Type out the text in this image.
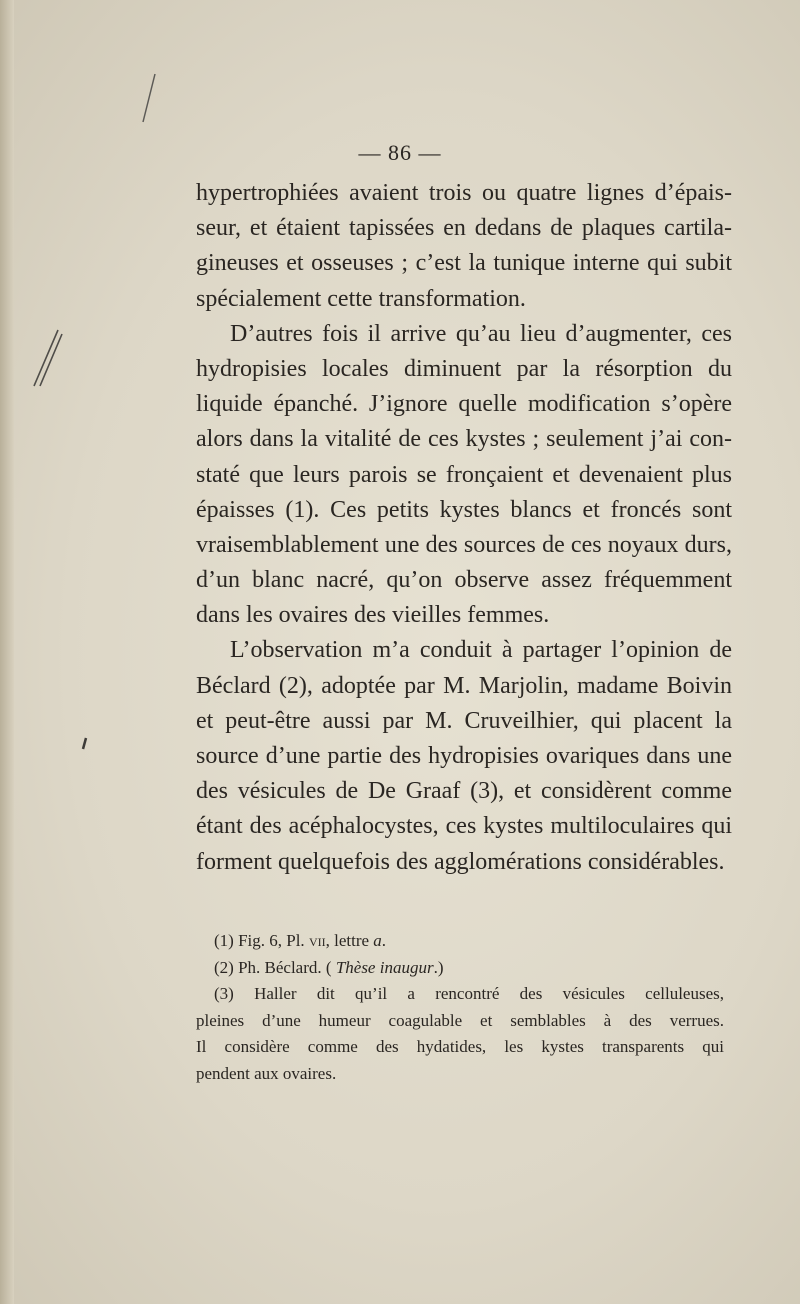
— 86 —
hypertrophiées avaient trois ou quatre lignes d’épais-
seur, et étaient tapissées en dedans de plaques cartila-
gineuses et osseuses ; c’est la tunique interne qui subit
spécialement cette transformation.
D’autres fois il arrive qu’au lieu d’augmenter, ces
hydropisies locales diminuent par la résorption du
liquide épanché. J’ignore quelle modification s’opère
alors dans la vitalité de ces kystes ; seulement j’ai con-
staté que leurs parois se fronçaient et devenaient plus
épaisses (1). Ces petits kystes blancs et froncés sont
vraisemblablement une des sources de ces noyaux durs,
d’un blanc nacré, qu’on observe assez fréquemment
dans les ovaires des vieilles femmes.
L’observation m’a conduit à partager l’opinion de
Béclard (2), adoptée par M. Marjolin, madame Boivin
et peut-être aussi par M. Cruveilhier, qui placent la
source d’une partie des hydropisies ovariques dans une
des vésicules de De Graaf (3), et considèrent comme
étant des acéphalocystes, ces kystes multiloculaires qui
forment quelquefois des agglomérations considérables.
(1) Fig. 6, Pl. vii, lettre a.
(2) Ph. Béclard. ( Thèse inaugur.)
(3) Haller dit qu’il a rencontré des vésicules celluleuses,
pleines d’une humeur coagulable et semblables à des verrues.
Il considère comme des hydatides, les kystes transparents qui
pendent aux ovaires.
